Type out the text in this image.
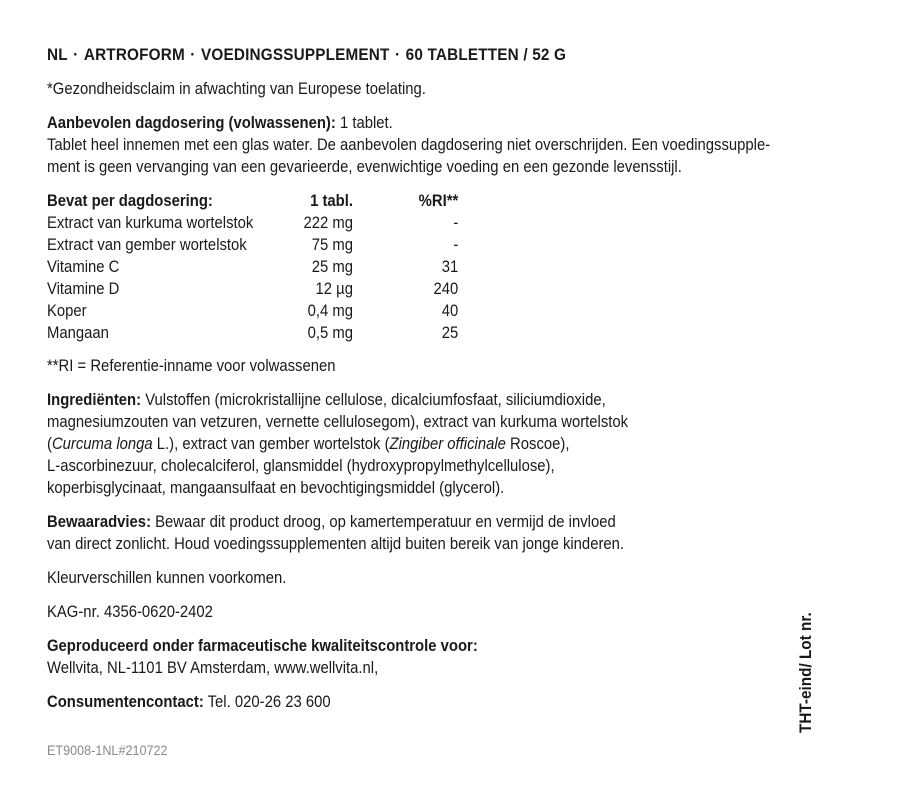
NL · ARTROFORM · VOEDINGSSUPPLEMENT · 60 TABLETTEN / 52 G

*Gezondheidsclaim in afwachting van Europese toelating.

Aanbevolen dagdosering (volwassenen): 1 tablet.

Tablet heel innemen met een glas water. De aanbevolen dagdosering niet overschrijden. Een voedingssupple-

ment is geen vervanging van een gevarieerde, evenwichtige voeding en een gezonde levensstijl.

Bevat per dagdosering:	1 tabl.	%RI**
Extract van kurkuma wortelstok	222 mg	-
Extract van gember wortelstok	75 mg	-
Vitamine C	25 mg	31
Vitamine D	12 µg	240
Koper	0,4 mg	40
Mangaan	0,5 mg	25

**RI = Referentie-inname voor volwassenen

Ingrediënten: Vulstoffen (microkristallijne cellulose, dicalciumfosfaat, siliciumdioxide,

magnesiumzouten van vetzuren, vernette cellulosegom), extract van kurkuma wortelstok

(Curcuma longa L.), extract van gember wortelstok (Zingiber officinale Roscoe),

L-ascorbinezuur, cholecalciferol, glansmiddel (hydroxypropylmethylcellulose),

koperbisglycinaat, mangaansulfaat en bevochtigingsmiddel (glycerol).

Bewaaradvies: Bewaar dit product droog, op kamertemperatuur en vermijd de invloed

van direct zonlicht. Houd voedingssupplementen altijd buiten bereik van jonge kinderen.

Kleurverschillen kunnen voorkomen.

KAG-nr. 4356-0620-2402

Geproduceerd onder farmaceutische kwaliteitscontrole voor:

Wellvita, NL-1101 BV Amsterdam, www.wellvita.nl,

Consumentencontact: Tel. 020-26 23 600

ET9008-1NL#210722
THT-eind/ Lot nr.
